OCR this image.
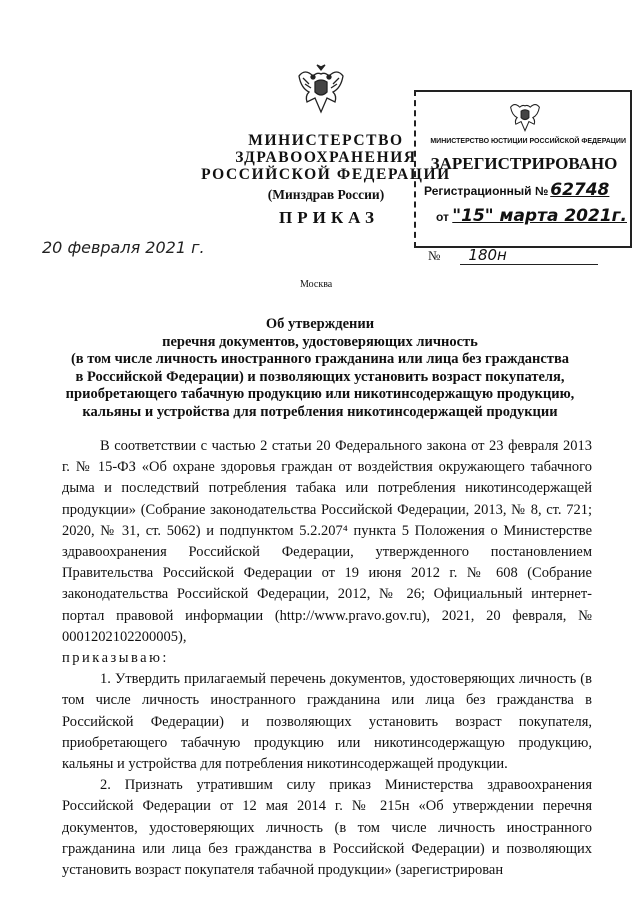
МИНИСТЕРСТВО ЗДРАВООХРАНЕНИЯ
РОССИЙСКОЙ ФЕДЕРАЦИИ
(Минздрав России)
МИНИСТЕРСТВО ЮСТИЦИИ РОССИЙСКОЙ ФЕДЕРАЦИИ
ЗАРЕГИСТРИРОВАНО
Регистрационный № 62748
от "15" марта 2021г.
ПРИКАЗ
20 февраля 2021 г.	№ 180н
Москва
Об утверждении
перечня документов, удостоверяющих личность
(в том числе личность иностранного гражданина или лица без гражданства
в Российской Федерации) и позволяющих установить возраст покупателя,
приобретающего табачную продукцию или никотинсодержащую продукцию,
кальяны и устройства для потребления никотинсодержащей продукции

В соответствии с частью 2 статьи 20 Федерального закона от 23 февраля 2013 г. № 15-ФЗ «Об охране здоровья граждан от воздействия окружающего табачного дыма и последствий потребления табака или потребления никотинсодержащей продукции» (Собрание законодательства Российской Федерации, 2013, № 8, ст. 721; 2020, № 31, ст. 5062) и подпунктом 5.2.207⁴ пункта 5 Положения о Министерстве здравоохранения Российской Федерации, утвержденного постановлением Правительства Российской Федерации от 19 июня 2012 г. № 608 (Собрание законодательства Российской Федерации, 2012, № 26; Официальный интернет-портал правовой информации (http://www.pravo.gov.ru), 2021, 20 февраля, № 0001202102200005),

приказываю:

1. Утвердить прилагаемый перечень документов, удостоверяющих личность (в том числе личность иностранного гражданина или лица без гражданства в Российской Федерации) и позволяющих установить возраст покупателя, приобретающего табачную продукцию или никотинсодержащую продукцию, кальяны и устройства для потребления никотинсодержащей продукции.

2. Признать утратившим силу приказ Министерства здравоохранения Российской Федерации от 12 мая 2014 г. № 215н «Об утверждении перечня документов, удостоверяющих личность (в том числе личность иностранного гражданина или лица без гражданства в Российской Федерации) и позволяющих установить возраст покупателя табачной продукции» (зарегистрирован
